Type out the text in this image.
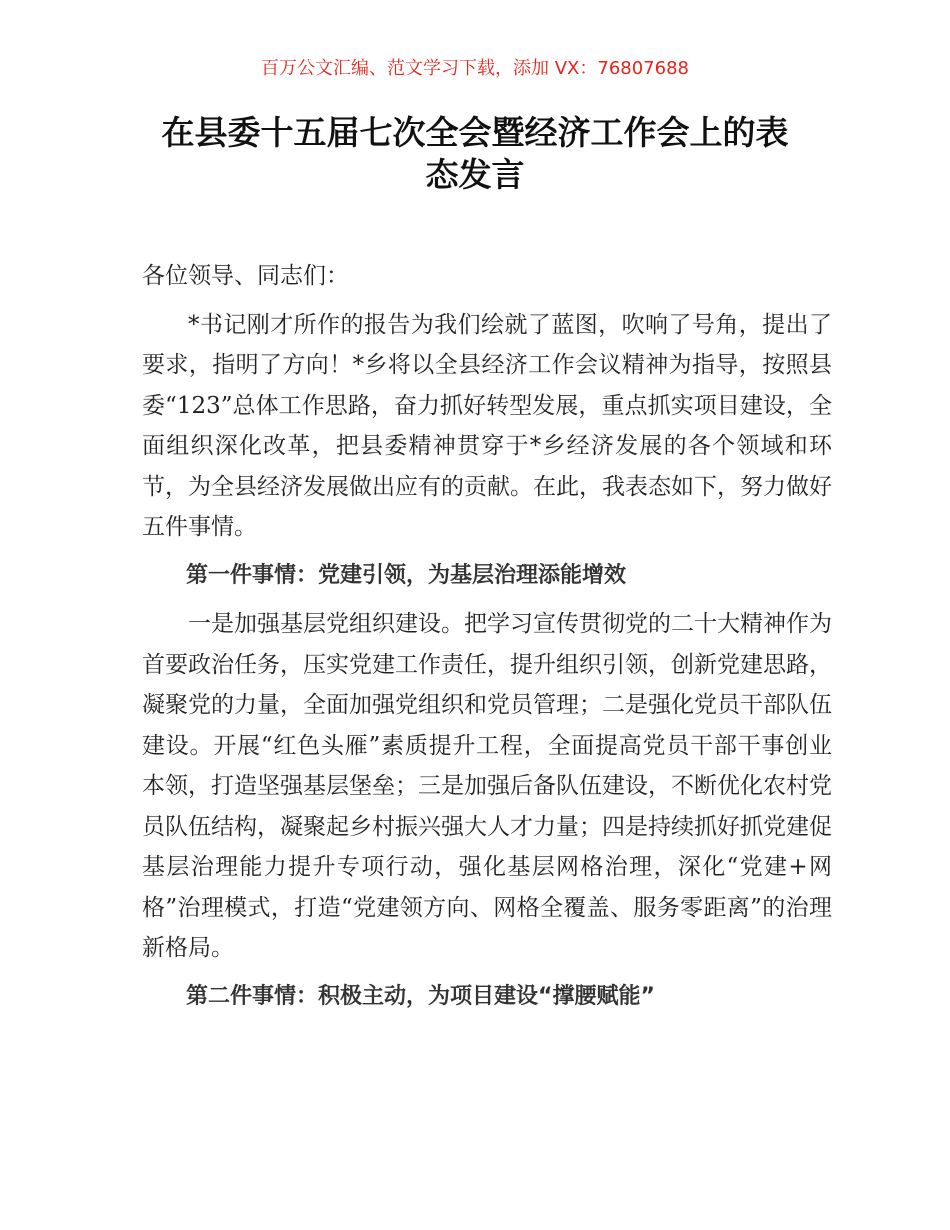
百万公文汇编、范文学习下载，添加 VX：76807688

在县委十五届七次全会暨经济工作会上的表
态发言

各位领导、同志们：

*书记刚才所作的报告为我们绘就了蓝图，吹响了号角，提出了要求，指明了方向！*乡将以全县经济工作会议精神为指导，按照县委“123”总体工作思路，奋力抓好转型发展，重点抓实项目建设，全面组织深化改革，把县委精神贯穿于*乡经济发展的各个领域和环节，为全县经济发展做出应有的贡献。在此，我表态如下，努力做好五件事情。

第一件事情：党建引领，为基层治理添能增效

一是加强基层党组织建设。把学习宣传贯彻党的二十大精神作为首要政治任务，压实党建工作责任，提升组织引领，创新党建思路，凝聚党的力量，全面加强党组织和党员管理；二是强化党员干部队伍建设。开展“红色头雁”素质提升工程，全面提高党员干部干事创业本领，打造坚强基层堡垒；三是加强后备队伍建设，不断优化农村党员队伍结构，凝聚起乡村振兴强大人才力量；四是持续抓好抓党建促基层治理能力提升专项行动，强化基层网格治理，深化“党建+网格”治理模式，打造“党建领方向、网格全覆盖、服务零距离”的治理新格局。

第二件事情：积极主动，为项目建设“撑腰赋能”
